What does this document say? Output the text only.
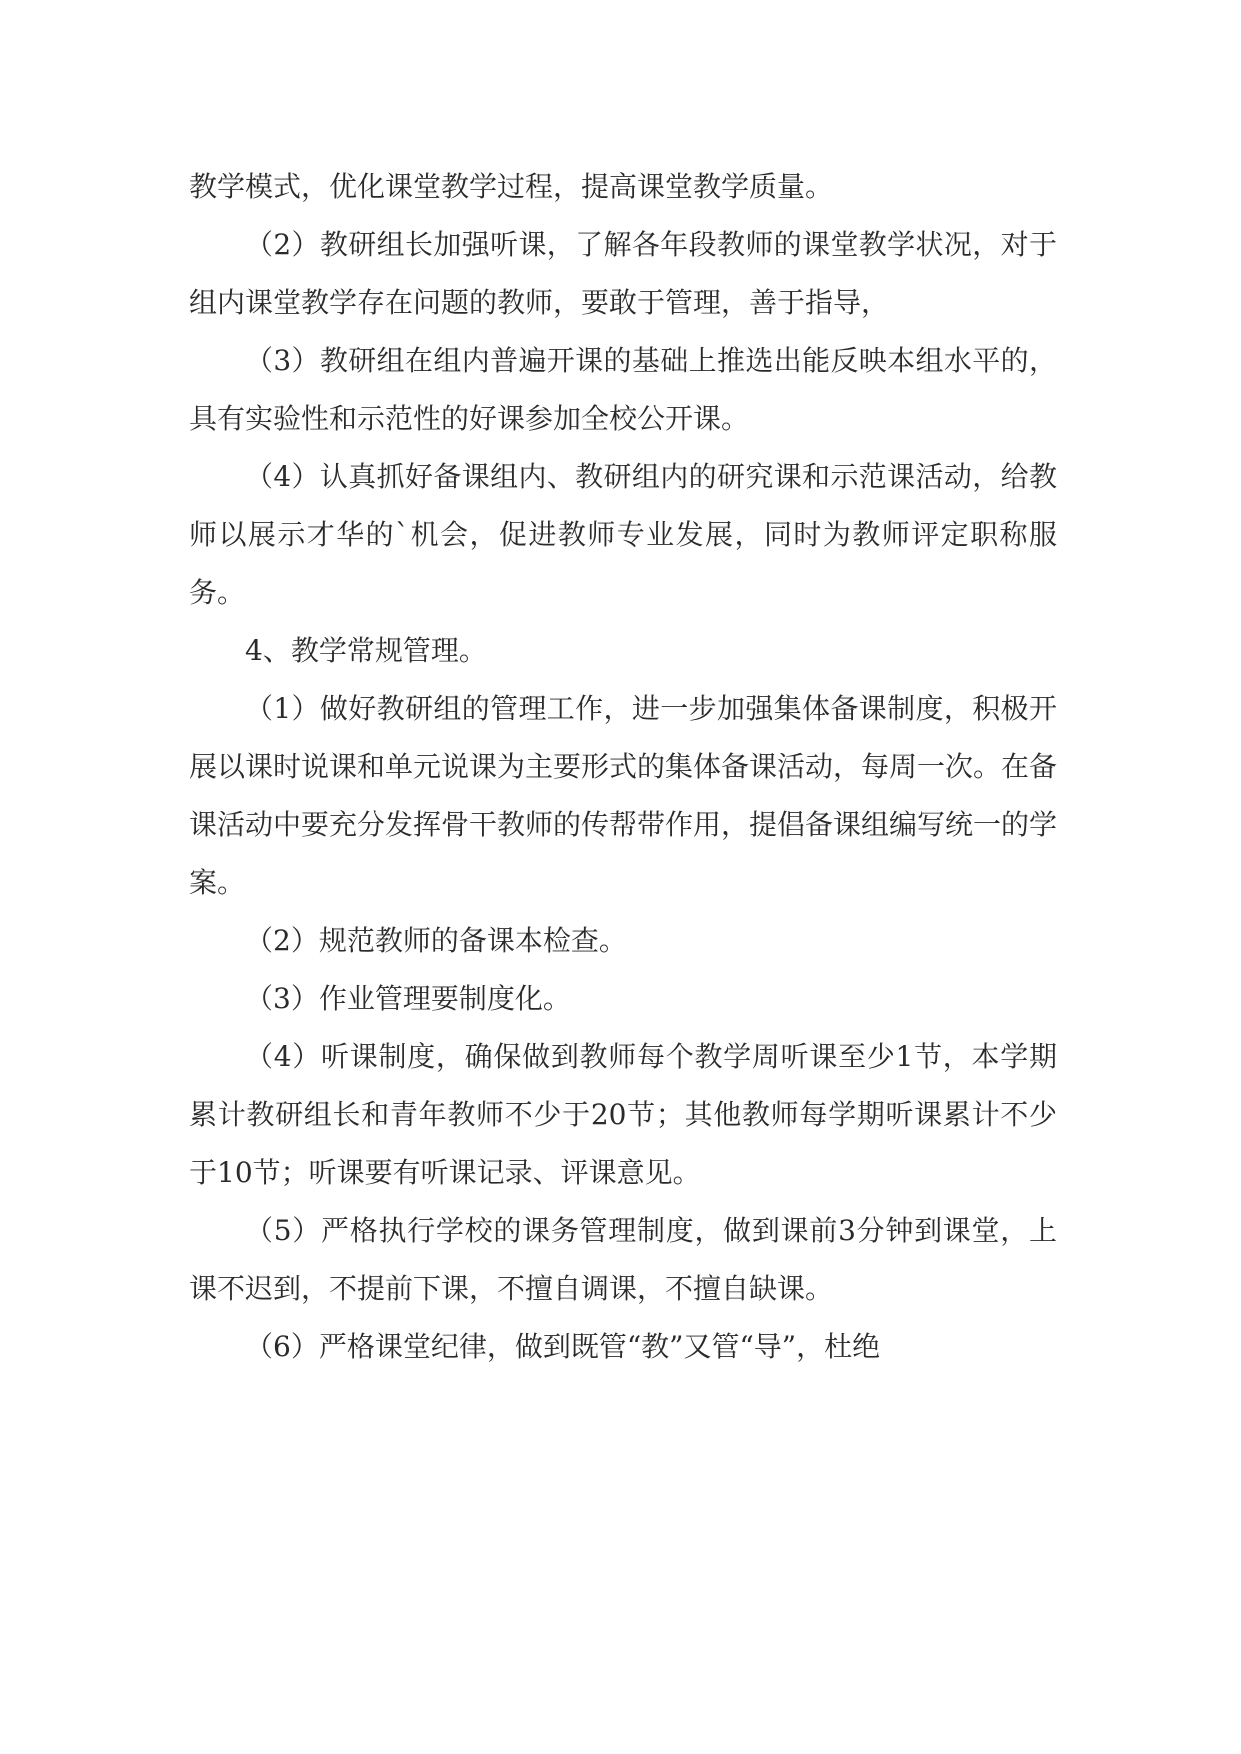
教学模式，优化课堂教学过程，提高课堂教学质量。

（2）教研组长加强听课，了解各年段教师的课堂教学状况，对于组内课堂教学存在问题的教师，要敢于管理，善于指导，

（3）教研组在组内普遍开课的基础上推选出能反映本组水平的，具有实验性和示范性的好课参加全校公开课。

（4）认真抓好备课组内、教研组内的研究课和示范课活动，给教师以展示才华的`机会，促进教师专业发展，同时为教师评定职称服务。

4、教学常规管理。

（1）做好教研组的管理工作，进一步加强集体备课制度，积极开展以课时说课和单元说课为主要形式的集体备课活动，每周一次。在备课活动中要充分发挥骨干教师的传帮带作用，提倡备课组编写统一的学案。

（2）规范教师的备课本检查。

（3）作业管理要制度化。

（4）听课制度，确保做到教师每个教学周听课至少1节，本学期累计教研组长和青年教师不少于20节；其他教师每学期听课累计不少于10节；听课要有听课记录、评课意见。

（5）严格执行学校的课务管理制度，做到课前3分钟到课堂，上课不迟到，不提前下课，不擅自调课，不擅自缺课。

（6）严格课堂纪律，做到既管“教”又管“导”，杜绝
